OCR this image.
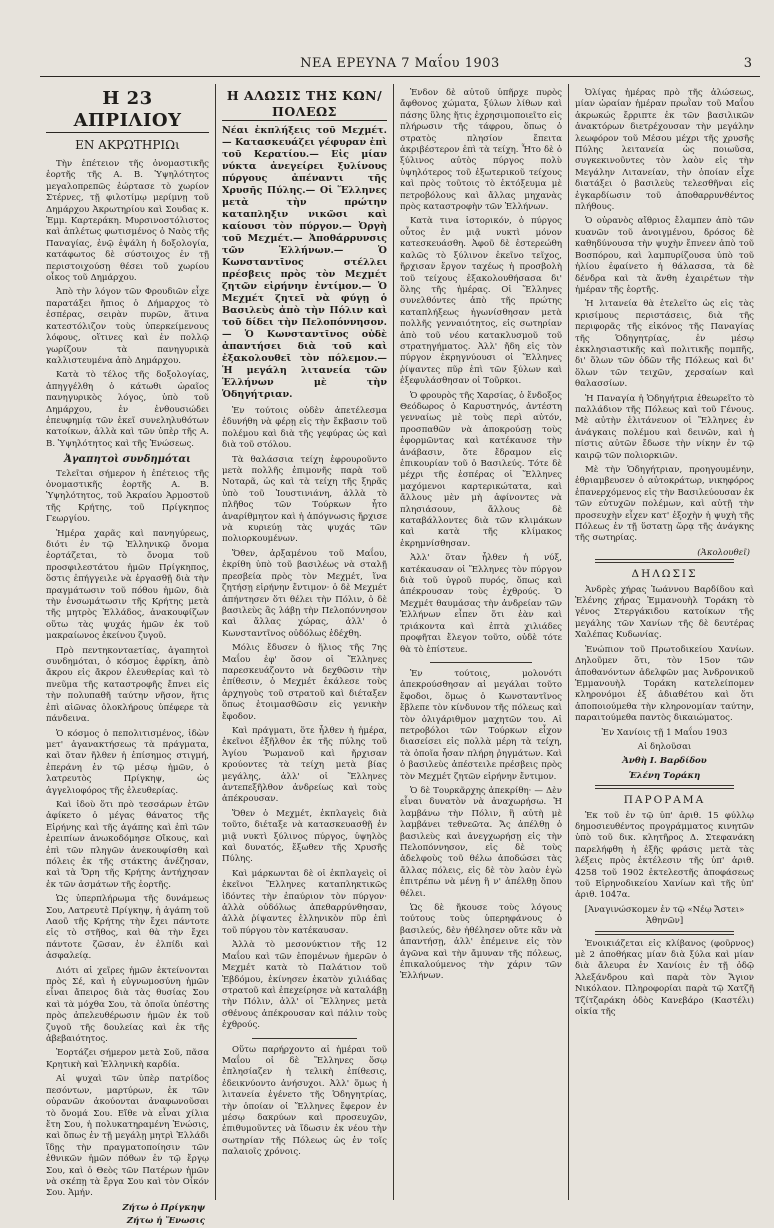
ΝΕΑ ΕΡΕΥΝΑ 7 Μαΐου 1903	3
Η 23 ΑΠΡΙΛΙΟΥ
ΕΝ ΑΚΡΩΤΗΡΙΩι

Τὴν ἐπέτειον τῆς ὀνομαστικῆς ἑορτῆς τῆς Α. Β. Ὑψηλότητος μεγαλοπρεπῶς ἑώρτασε τὸ χωρίον Στέρνες, τῇ φιλοτίμῳ μερίμνῃ τοῦ Δημάρχου Ἀκρωτηρίου καὶ Σουδας κ. Ἐμμ. Καρτεράκη. Μυρσινοστόλιστος καὶ ἁπλέτως φωτισμένος ὁ Ναὸς τῆς Παναγίας, ἐνῷ ἐψάλη ἡ δοξολογία, κατάφωτος δὲ σύστοιχος ἐν τῇ περιστοιχούσῃ θέσει τοῦ χωρίου οἶκος τοῦ Δημάρχου.

Ἀπὸ τὴν λόγον τῶν Φρουδιῶν εἶχε παρατάξει ἤπιος ὁ Δήμαρχος τὸ ἑσπέρας, σειρὰν πυρῶν, ἅτινα κατεστόλιζον τοὺς ὑπερκείμενους λόφους, οἵτινες καὶ ἐν πολλῷ γωρίζουν τὰ πανηγυρικὰ καλλιστευμένα ἀπὸ Δημάρχου.

Κατὰ τὸ τέλος τῆς δοξολογίας, ἀπηγγέλθη ὁ κάτωθι ὡραῖος πανηγυρικὸς λόγος, ὑπὸ τοῦ Δημάρχου, ἐν ἐνθουσιώδει ἐπευφημίᾳ τῶν ἐκεῖ συνεληλυθότων κατοίκων, ἀλλὰ καὶ τῶν ὑπὲρ τῆς Α. Β. Ὑψηλότητος καὶ τῆς Ἑνώσεως.

Ἀγαπητοὶ συνδημόται

Τελεῖται σήμερον ἡ ἐπέτειος τῆς ὀνομαστικῆς ἑορτῆς Α. Β. Ὑψηλότητος, τοῦ Ἀκραίου Ἀρμοστοῦ τῆς Κρήτης, τοῦ Πρίγκηπος Γεωργίου.

Ἡμέρα χαρᾶς καὶ πανηγύρεως, διότι ἐν τῷ Ἑλληνικῷ ὄνομα ἑορτάζεται, τὸ ὄνομα τοῦ προσφιλεστάτου ἡμῶν Πρίγκηπος, ὅστις ἐπήγγειλε νὰ ἐργασθῇ διὰ τὴν πραγμάτωσιν τοῦ πόθου ἡμῶν, διὰ τὴν ἐνσωμάτωσιν τῆς Κρήτης μετὰ τῆς μητρὸς Ἑλλάδος, ἀνακουφίζων οὕτω τὰς ψυχάς ἡμῶν ἐκ τοῦ μακραίωνος ἐκείνου ζυγοῦ.

Πρὸ πεντηκονταετίας, ἀγαπητοὶ συνδημόται, ὁ κόσμος ἐφρίκη, ἀπὸ ἄκρου εἰς ἄκρον ἐλευθερίας καὶ τὸ πνεῦμα τῆς καταστροφῆς ἔπνει εἰς τὴν πολυπαθῆ ταύτην νῆσον, ἥτις ἐπὶ αἰῶνας ὁλοκλήρους ὑπέφερε τὰ πάνδεινα.

Ὁ κόσμος ὁ πεπολιτισμένος, ἰδὼν μετ' ἀγανακτήσεως τὰ πράγματα, καὶ ὅταν ἤλθεν ἡ ἐπίσημος στιγμή, ἐπεράνη ἐν τῷ μέσῳ ἡμῶν, ὁ λατρευτὸς Πρίγκηψ, ὡς ἀγγελιοφόρος τῆς ἐλευθερίας.

Καὶ ἰδοὺ ὅτι πρὸ τεσσάρων ἐτῶν ἀφίκετο ὁ μέγας θάνατος τῆς Εἰρήνης καὶ τῆς ἀγάπης καὶ ἐπὶ τῶν ἐρειπίων ἀνωκοδόμησε Οἴκους, καὶ ἐπὶ τῶν πληγῶν ἀνεκουφίσθη καὶ πόλεις ἐκ τῆς στάκτης ἀνέζησαν, καὶ τὰ Ὄρη τῆς Κρήτης ἀντήχησαν ἐκ τῶν ἀσμάτων τῆς ἑορτῆς.

Ὡς ὑπερπλήρωμα τῆς δυνάμεως Σου, Λατρευτὲ Πρίγκηψ, ἡ ἀγάπη τοῦ Λαοῦ τῆς Κρήτης τὴν ἔχει πάντοτε εἰς τὸ στῆθος, καὶ θὰ τὴν ἔχει πάντοτε ζῶσαν, ἐν ἐλπίδι καὶ ἀσφαλείᾳ.

Διότι αἱ χεῖρες ἡμῶν ἐκτείνονται πρὸς Σέ, καὶ ἡ εὐγνωμοσύνη ἡμῶν εἶναι ἄπειρος διὰ τὰς θυσίας Σου καὶ τὰ μόχθα Σου, τὰ ὁποῖα ὑπέστης πρὸς ἀπελευθέρωσιν ἡμῶν ἐκ τοῦ ζυγοῦ τῆς δουλείας καὶ ἐκ τῆς ἀβεβαιότητος.

Ἐορτάζει σήμερον μετὰ Σοῦ, πᾶσα Κρητικὴ καὶ Ἑλληνικὴ καρδία.

Αἱ ψυχαὶ τῶν ὑπὲρ πατρίδος πεσόντων, μαρτύρων, ἐκ τῶν οὐρανῶν ἀκούονται ἀναφωνοῦσαι τὸ ὄνομά Σου. Εἴθε νὰ εἶναι χίλια ἔτη Σου, ἡ πολυκατηραμένη Ἑνώσις, καὶ ὅπως ἐν τῇ μεγάλῃ μητρὶ Ἑλλάδι ἴδῃς τὴν πραγματοποίησιν τῶν ἐθνικῶν ἡμῶν πόθων ἐν τῷ ἔργῳ Σου, καὶ ὁ Θεὸς τῶν Πατέρων ἡμῶν νὰ σκέπῃ τὰ ἔργα Σου καὶ τὸν Οἶκόν Σου. Ἀμήν.

Ζήτω ὁ Πρίγκηψ

Ζήτω ἡ Ἕνωσις

Η ΑΛΩΣΙΣ ΤΗΣ ΚΩΝ/ΠΟΛΕΩΣ
Νέαι ἐκπλήξεις τοῦ Μεχμέτ.— Κατασκευάζει γέφυραν ἐπὶ τοῦ Κερατίου.— Εἰς μίαν νύκτα ἀνεγείρει ξυλίνους πύργους ἀπέναντι τῆς Χρυσῆς Πύλης.— Οἱ Ἕλληνες μετὰ τὴν πρώτην καταπληξιν νικῶσι καὶ καίουσι τὸν πύργον.— Ὀργὴ τοῦ Μεχμέτ.— Ἀποθάρρυνσις τῶν Ἑλλήνων.— Ὁ Κωνσταντῖνος στέλλει πρέσβεις πρὸς τὸν Μεχμέτ ζητῶν εἰρήνην ἐντίμον.— Ὁ Μεχμέτ ζητεῖ νὰ φύγῃ ὁ Βασιλεὺς ἀπὸ τὴν Πόλιν καὶ τοῦ δίδει τὴν Πελοπόννησον.— Ὁ Κωνσταντῖνος οὐδὲ ἀπαντήσει διὰ τοῦ καὶ ἐξακολουθεῖ τὸν πόλεμον.— Ἡ μεγάλη λιτανεία τῶν Ἑλλήνων μὲ τὴν Ὁδηγήτριαν.

Ἐν τούτοις οὐδὲν ἀπετέλεσμα ἐδυνήθη νὰ φέρῃ εἰς τὴν ἔκβασιν τοῦ πολέμου καὶ διὰ τῆς γεφύρας ὡς καὶ διὰ τοῦ στόλου.

Τὰ θαλάσσια τείχη ἐφρουροῦντο μετὰ πολλῆς ἐπιμονῆς παρὰ τοῦ Νοταρᾶ, ὡς καὶ τὰ τείχη τῆς ξηρᾶς ὑπὸ τοῦ Ἰουστινιάνη, ἀλλὰ τὸ πλῆθος τῶν Τούρκων ἦτο ἀναρίθμητον καὶ ἡ ἀπόγνωσις ἤρχισε νὰ κυριεύῃ τὰς ψυχάς τῶν πολιορκουμένων.

Ὅθεν, ἀρξαμένου τοῦ Μαΐου, ἐκρίθη ὑπὸ τοῦ βασιλέως νὰ σταλῇ πρεσβεία πρὸς τὸν Μεχμέτ, ἵνα ζητήσῃ εἰρήνην ἔντιμον· ὁ δὲ Μεχμέτ ἀπήντησεν ὅτι θέλει τὴν Πόλιν, ὁ δὲ βασιλεὺς ἂς λάβῃ τὴν Πελοπόννησον καὶ ἄλλας χώρας, ἀλλ' ὁ Κωνσταντῖνος οὐδόλως ἐδέχθη.

Μόλις ἔδυσεν ὁ ἥλιος τῆς 7ης Μαΐου ἐφ' ὅσον οἱ Ἕλληνες παρεσκευάζοντο νὰ δεχθῶσιν τὴν ἐπίθεσιν, ὁ Μεχμέτ ἐκάλεσε τοὺς ἀρχηγοὺς τοῦ στρατοῦ καὶ διέταξεν ὅπως ἑτοιμασθῶσιν εἰς γενικὴν ἔφοδον.

Καὶ πράγματι, ὅτε ἦλθεν ἡ ἡμέρα, ἐκεῖνοι ἐξῆλθον ἐκ τῆς πύλης τοῦ Ἁγίου Ῥωμανοῦ καὶ ἤρχισαν κρούοντες τὰ τείχη μετὰ βίας μεγάλης, ἀλλ' οἱ Ἕλληνες ἀντεπεξῆλθον ἀνδρείως καὶ τοὺς ἀπέκρουσαν.

Ὅθεν ὁ Μεχμέτ, ἐκπλαγεὶς διὰ τοῦτο, διέταξε νὰ κατασκευασθῇ ἐν μιᾷ νυκτὶ ξύλινος πύργος, ὑψηλὸς καὶ δυνατός, ἔξωθεν τῆς Χρυσῆς Πύλης.

Καὶ μάρκωνται δὲ οἱ ἐκπλαγεὶς οἱ ἐκεῖνοι Ἕλληνες καταπληκτικῶς ἰδόντες τὴν ἐπαύριον τὸν πύργον· ἀλλὰ οὐδόλως ἀπεθαρρύνθησαν, ἀλλὰ ῥίψαντες ἑλληνικὸν πῦρ ἐπὶ τοῦ πύργου τὸν κατέκαυσαν.

Ἀλλὰ τὸ μεσονύκτιον τῆς 12 Μαΐου καὶ τῶν ἑπομένων ἡμερῶν ὁ Μεχμέτ κατὰ τὸ Παλάτιον τοῦ Ἑβδόμου, ἐκίνησεν ἐκατὸν χιλιάδας στρατοῦ καὶ ἐπεχείρησε νὰ καταλάβῃ τὴν Πόλιν, ἀλλ' οἱ Ἕλληνες μετὰ σθένους ἀπέκρουσαν καὶ πάλιν τοὺς ἐχθρούς.

Οὕτω παρήρχοντο αἱ ἡμέραι τοῦ Μαΐου οἱ δὲ Ἕλληνες ὅσῳ ἐπλησίαζεν ἡ τελικὴ ἐπίθεσις, ἐδεικνύοντο ἀνήσυχοι. Ἀλλ' ὅμως ἡ λιτανεία ἐγένετο τῆς Ὁδηγητρίας, τὴν ὁποίαν οἱ Ἕλληνες ἔφερον ἐν μέσῳ δακρύων καὶ προσευχῶν, ἐπιθυμοῦντες νὰ ἴδωσιν ἐκ νέου τὴν σωτηρίαν τῆς Πόλεως ὡς ἐν τοῖς παλαιοῖς χρόνοις.

Ἐνδον δὲ αὐτοῦ ὑπῆρχε πυρὸς ἄφθονος χώματα, ξύλων λίθων καὶ πάσης ὕλης ἥτις ἐχρησιμοποιεῖτο εἰς πλήρωσιν τῆς τάφρου, ὅπως ὁ στρατὸς πλησίον ἔπειτα ἀκριβέστερον ἐπὶ τὰ τείχη. Ἦτο δὲ ὁ ξύλινος αὐτὸς πύργος πολὺ ὑψηλότερος τοῦ ἐξωτερικοῦ τείχους καὶ πρὸς τοῦτοις τὸ ἐκτόξευμα μὲ πετροβόλους καὶ ἄλλας μηχανὰς πρὸς καταστροφὴν τῶν Ἑλλήνων.

Κατὰ τινα ἱστορικόν, ὁ πύργος οὗτος ἐν μιᾷ νυκτὶ μόνον κατεσκευάσθη. Ἀφοῦ δὲ ἐστερεώθη καλῶς τὸ ξύλινον ἐκεῖνο τεῖχος, ἤρχισαν ἔργον ταχέως ἡ προσβολὴ τοῦ τείχους ἐξακολουθήσασα δι' ὅλης τῆς ἡμέρας. Οἱ Ἕλληνες συνελθόντες ἀπὸ τῆς πρώτης καταπλήξεως ἠγωνίσθησαν μετὰ πολλῆς γενναιότητος, εἰς σωτηρίαν ἀπὸ τοῦ νέου κατακλυσμοῦ τοῦ στρατηγήματος. Ἀλλ' ἤδη εἰς τὸν πύργον ἐκρηγνύουσι οἱ Ἕλληνες ῥίψαντες πῦρ ἐπὶ τῶν ξύλων καὶ ἐξεφυλάσθησαν οἱ Τοῦρκοι.

Ὁ φρουρὸς τῆς Χαρσίας, ὁ ἔνδοξος Θεόδωρος ὁ Καρυστηνός, ἀντέστη γενναίως μὲ τοὺς περὶ αὐτόν, προσπαθῶν νὰ ἀποκρούσῃ τοὺς ἐφορμῶντας καὶ κατέκαυσε τὴν ἀνάβασιν, ὅτε ἔδραμον εἰς ἐπικουρίαν τοῦ ὁ Βασιλεύς. Τότε δὲ μέχρι τῆς ἑσπέρας οἱ Ἕλληνες μαχόμενοι καρτερικώτατα, καὶ ἄλλους μὲν μὴ ἀφίνοντες νὰ πλησιάσουν, ἄλλους δὲ καταβάλλοντες διὰ τῶν κλιμάκων καὶ κατὰ τῆς κλίμακος ἐκρημνίσθησαν.

Ἀλλ' ὅταν ἦλθεν ἡ νύξ, κατέκαυσαν οἱ Ἕλληνες τὸν πύργον διὰ τοῦ ὑγροῦ πυρός, ὅπως καὶ ἀπέκρουσαν τοὺς ἐχθρούς. Ὁ Μεχμέτ θαυμάσας τὴν ἀνδρείαν τῶν Ἑλλήνων εἶπεν ὅτι ἐὰν καὶ τριάκοντα καὶ ἑπτὰ χιλιάδες προφῆται ἔλεγον τοῦτο, οὐδὲ τότε θὰ τὸ ἐπίστευε.

Ἐν τούτοις, μολονότι ἀπεκρούσθησαν αἱ μεγάλαι τοῦτο ἔφοδοι, ὅμως ὁ Κωνσταντῖνος ἔβλεπε τὸν κίνδυνον τῆς πόλεως καὶ τὸν ὀλιγάριθμον μαχητῶν του. Αἱ πετροβόλοι τῶν Τούρκων εἶχον διασείσει εἰς πολλὰ μέρη τὰ τείχη, τὰ ὁποῖα ἦσαν πλήρη ῥηγμάτων. Καὶ ὁ βασιλεὺς ἀπέστειλε πρέσβεις πρὸς τὸν Μεχμέτ ζητῶν εἰρήνην ἔντιμον.

Ὁ δὲ Τουρκᾶρχης ἀπεκρίθη· — Δὲν εἶναι δυνατὸν νὰ ἀναχωρήσω. Ἡ λαμβάνω τὴν Πόλιν, ἢ αὐτὴ μὲ λαμβάνει τεθνεῶτα. Ἄς ἀπέλθῃ ὁ βασιλεὺς καὶ ἀνεγχωρήσῃ εἰς τὴν Πελοπόννησον, εἰς δὲ τοὺς ἀδελφοὺς τοῦ θέλω ἀποδώσει τὰς ἄλλας πόλεις, εἰς δὲ τὸν λαὸν ἐγὼ ἐπιτρέπω νὰ μένῃ ἢ ν' ἀπέλθῃ ὅπου θέλει.

Ὡς δὲ ἤκουσε τοὺς λόγους τούτους τοὺς ὑπερηφάνους ὁ βασιλεύς, δὲν ἠθέλησεν οὔτε κἂν νὰ ἀπαντήσῃ, ἀλλ' ἐπέμεινε εἰς τὸν ἀγῶνα καὶ τὴν ἄμυναν τῆς πόλεως, ἐπικαλούμενος τὴν χάριν τῶν Ἑλλήνων.

Ὀλίγας ἡμέρας πρὸ τῆς ἁλώσεως, μίαν ὡραίαν ἡμέραν πρωῒαν τοῦ Μαΐου ἀκρωκώς ἔρριπτε ἐκ τῶν βασιλικῶν ἀνακτόρων διετρέχουσαν τὴν μεγάλην λεωφόρον τοῦ Μέσου μέχρι τῆς χρυσῆς Πύλης λειτανεία ὡς ποιωῦσα, συγκεκινοῦντες τὸν λαὸν εἰς τὴν Μεγάλην Λιτανείαν, τὴν ὁποίαν εἶχε διατάξει ὁ βασιλεὺς τελεσθῆναι εἰς ἐγκαρδίωσιν τοῦ ἀποθαρρυνθέντος πλήθους.

Ὁ οὐρανὸς αἴθριος ἔλαμπεν ἀπὸ τῶν κυανῶν τοῦ ἀνοιγμένου, δρόσος δὲ καθηδύνουσα τὴν ψυχὴν ἔπνεεν ἀπὸ τοῦ Βοσπόρου, καὶ λαμπυρίζουσα ὑπὸ τοῦ ἡλίου ἐφαίνετο ἡ θάλασσα, τὰ δὲ δένδρα καὶ τὰ ἄνθη ἐχαιρέτων τὴν ἡμέραν τῆς ἑορτῆς.

Ἡ λιτανεία θὰ ἐτελεῖτο ὡς εἰς τὰς κρισίμους περιστάσεις, διὰ τῆς περιφορᾶς τῆς εἰκόνος τῆς Παναγίας τῆς Ὁδηγητρίας, ἐν μέσῳ ἐκκλησιαστικῆς καὶ πολιτικῆς πομπῆς, δι' ὅλων τῶν ὁδῶν τῆς Πόλεως καὶ δι' ὅλων τῶν τειχῶν, χερσαίων καὶ θαλασσίων.

Ἡ Παναγία ἡ Ὁδηγήτρια ἐθεωρεῖτο τὸ παλλάδιον τῆς Πόλεως καὶ τοῦ Γένους. Μὲ αὐτὴν ἐλιτάνευον οἱ Ἕλληνες ἐν ἀνάγκαις πολέμου καὶ δεινῶν, καὶ ἡ πίστις αὐτῶν ἔδωσε τὴν νίκην ἐν τῷ καιρῷ τῶν πολιορκιῶν.

Μὲ τὴν Ὁδηγήτριαν, προηγουμένην, ἐθριαμβευσεν ὁ αὐτοκράτωρ, νικηφόρος ἐπανερχόμενος εἰς τὴν Βασιλεύουσαν ἐκ τῶν εὐτυχῶν πολέμων, καὶ αὐτῇ τὴν προσευχὴν εἶχεν κατ' ἐξοχὴν ἡ ψυχὴ τῆς Πόλεως ἐν τῇ ὕστατῃ ὥρᾳ τῆς ἀνάγκης τῆς σωτηρίας.

(Ἀκολουθεῖ)

ΔΗΛΩΣΙΣ

Ἀνδρὲς χήρας Ἰωάννου Βαρδίδου καὶ Ἑλένης χήρας Ἐμμανουὴλ Τοράκη τὸ γένος Στεργάκιδου κατοίκων τῆς μεγάλης τῶν Χανίων τῆς δὲ δευτέρας Χαλέπας Κυδωνίας.

Ἐνώπιον τοῦ Πρωτοδικείου Χανίων. Δηλοῦμεν ὅτι, τὸν 15ον τῶν ἀποθανόντων ἀδελφῶν μας Ἀνδρονικοῦ Ἐμμανουὴλ Τοράκη κατελείπομεν κληρονόμοι ἐξ ἀδιαθέτου καὶ ὅτι ἀποποιούμεθα τὴν κληρονομίαν ταύτην, παραιτούμεθα παντὸς δικαιώματος.

Ἐν Χανίοις τῇ 1 Μαΐου 1903

Αἱ δηλοῦσαι

Ἀνθὴ Ι. Βαρδίδου

Ἑλένη Τοράκη

ΠΑΡΟΡΑΜΑ

Ἐκ τοῦ ἐν τῷ ὑπ' ἀριθ. 15 φύλλῳ δημοσιευθέντος προγράμματος κινητῶν ὑπὸ τοῦ δικ. κλητῆρος Δ. Στεφανάκη παρελήφθη ἡ ἑξῆς φράσις μετὰ τὰς λέξεις πρὸς ἐκτέλεσιν τῆς ὑπ' ἀριθ. 4258 τοῦ 1902 ἐκτελεστῆς ἀποφάσεως τοῦ Εἰρηνοδικείου Χανίων καὶ τῆς ὑπ' ἀριθ. 1047α.

[Ἀναγινώσκομεν ἐν τῷ «Νέῳ Ἄστει» Ἀθηνῶν]

Ἐνοικιάζεται εἰς κλίβανος (φοῦρνος) μὲ 2 ἀποθήκας μίαν διὰ ξύλα καὶ μίαν διὰ ἄλευρα ἐν Χανίοις ἐν τῇ ὁδῷ Ἀλεξάνδρου καὶ παρὰ τὸν Ἅγιον Νικόλαον. Πληροφορίαι παρὰ τῷ Χατζῆ Τζίτζαράκη ὁδὸς Κανεβάρο (Καστέλι) οἰκία τῆς
